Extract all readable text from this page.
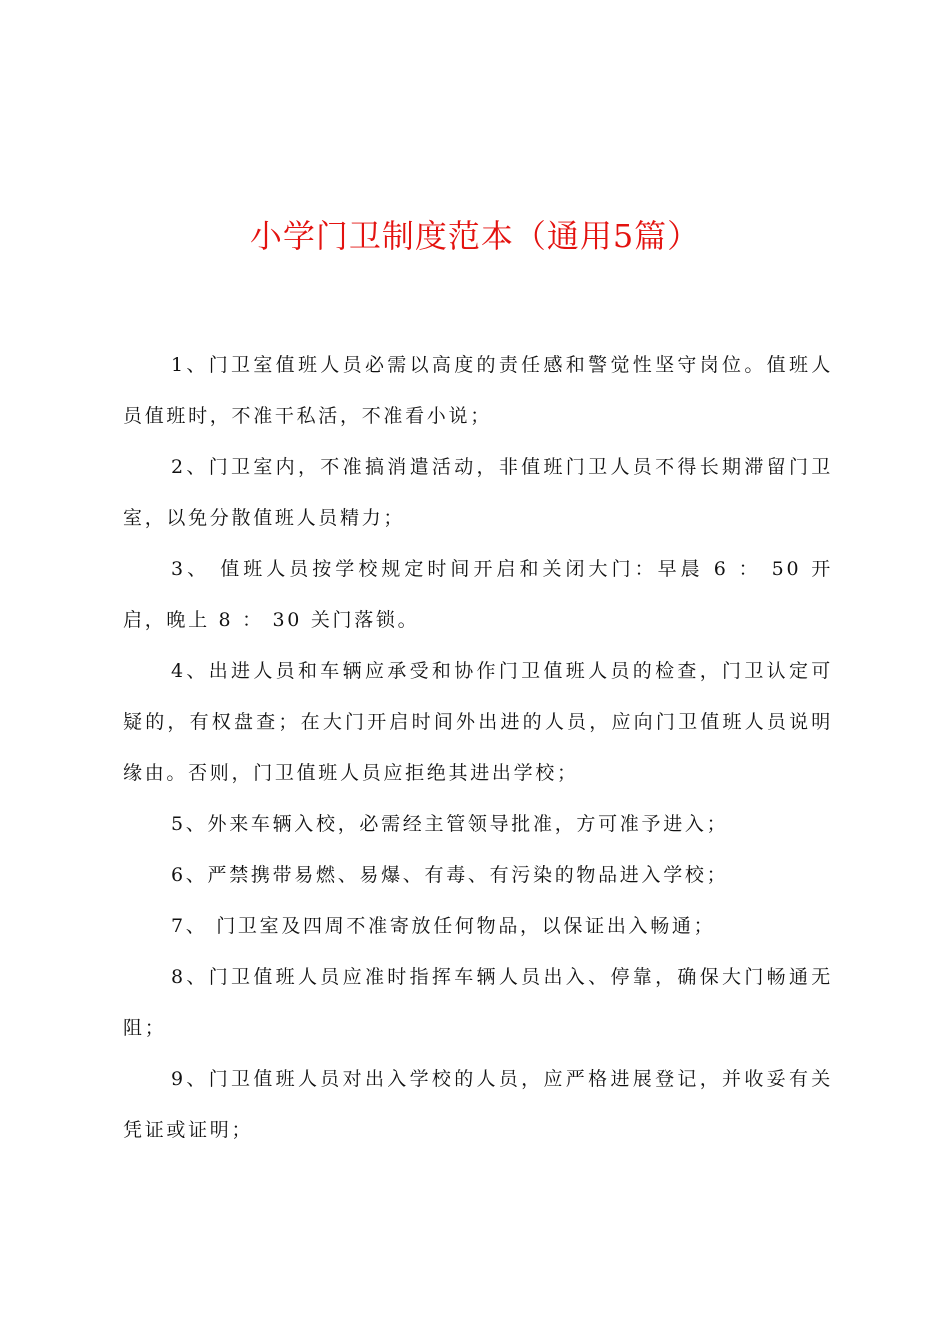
小学门卫制度范本（通用5篇）

1、门卫室值班人员必需以高度的责任感和警觉性坚守岗位。值班人员值班时，不准干私活，不准看小说；

2、门卫室内，不准搞消遣活动，非值班门卫人员不得长期滞留门卫室，以免分散值班人员精力；

3、 值班人员按学校规定时间开启和关闭大门：早晨 6 ： 50 开启，晚上 8 ： 30 关门落锁。

4、出进人员和车辆应承受和协作门卫值班人员的检查，门卫认定可疑的，有权盘查；在大门开启时间外出进的人员，应向门卫值班人员说明缘由。否则，门卫值班人员应拒绝其进出学校；

5、外来车辆入校，必需经主管领导批准，方可准予进入；

6、严禁携带易燃、易爆、有毒、有污染的物品进入学校；

7、 门卫室及四周不准寄放任何物品，以保证出入畅通；

8、门卫值班人员应准时指挥车辆人员出入、停靠，确保大门畅通无阻；

9、门卫值班人员对出入学校的人员，应严格进展登记，并收妥有关凭证或证明；
